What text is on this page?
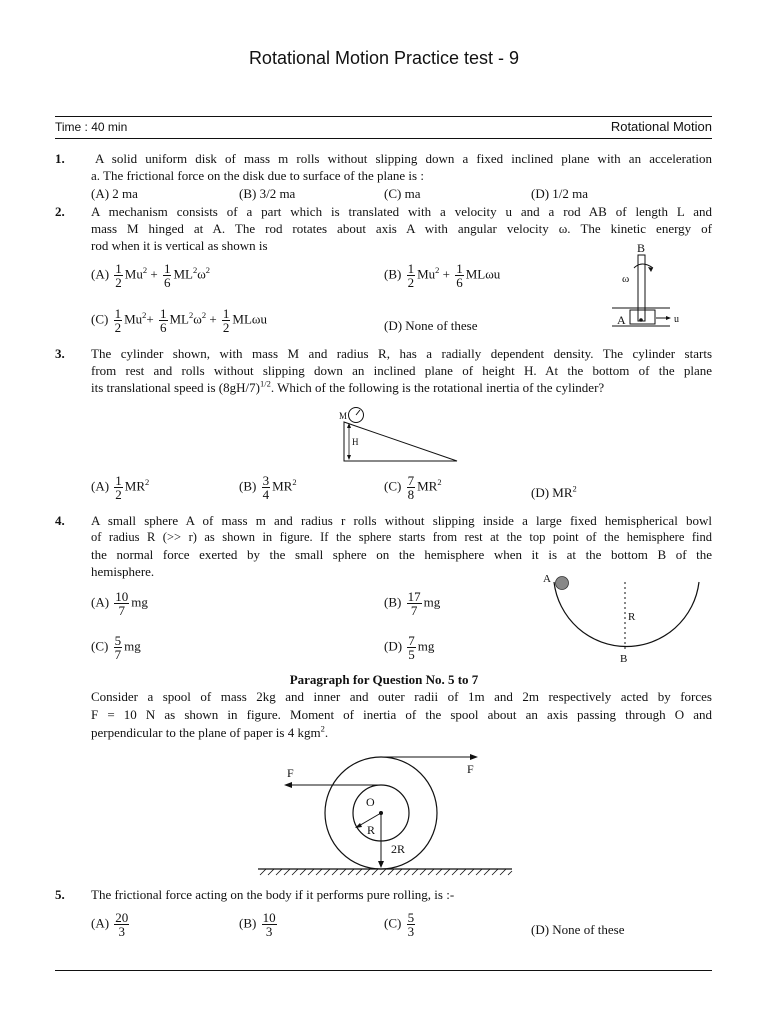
Rotational Motion Practice test - 9
Time : 40 min	Rotational Motion
1. A solid uniform disk of mass m rolls without slipping down a fixed inclined plane with an acceleration
a. The frictional force on the disk due to surface of the plane is :
(A) 2 ma	(B) 3/2 ma	(C) ma	(D) 1/2 ma
2. A mechanism consists of a part which is translated with a velocity u and a rod AB of length L and
mass M hinged at A. The rod rotates about axis A with angular velocity ω. The kinetic energy of
rod when it is vertical as shown is
$(A) \frac{1}{2} Mu^2 + \frac{1}{6} ML^2\omega^2$	$(B) \frac{1}{2} Mu^2 + \frac{1}{6}$ MLωu
$(C) \frac{1}{2} Mu^2+ \frac{1}{6} ML^2\omega^2 + \frac{1}{2}$ MLωu	(D) None of these
B
ω
A	u
3. The cylinder shown, with mass M and radius R, has a radially dependent density. The cylinder starts
from rest and rolls without slipping down an inclined plane of height H. At the bottom of the plane
its translational speed is $(8gH/7)^{1/2}$. Which of the following is the rotational inertia of the cylinder?
M
H
$(A) \frac{1}{2} MR^2$	$(B) \frac{3}{4} MR^2$	$(C) \frac{7}{8} MR^2$
(D) $MR^2$
4. A small sphere A of mass m and radius r rolls without slipping inside a large fixed hemispherical bowl
of radius R (>> r) as shown in figure. If the sphere starts from rest at the top point of the hemisphere find
the normal force exerted by the small sphere on the hemisphere when it is at the bottom B of the
hemisphere.
$(A) \frac{10}{7}$ mg	$(B) \frac{17}{7}$ mg
$(C) \frac{5}{7}$ mg	$(D) \frac{7}{5}$ mg
A
R
B
Paragraph for Question No. 5 to 7
Consider a spool of mass 2kg and inner and outer radii of 1m and 2m respectively acted by forces
F = 10 N as shown in figure. Moment of inertia of the spool about an axis passing through O and
perpendicular to the plane of paper is 4 kgm$^2$.
F
F
O
R
2R
5. The frictional force acting on the body if it performs pure rolling, is :-
$(A) \frac{20}{3}$	$(B) \frac{10}{3}$	$(C) \frac{5}{3}$	(D) None of these
